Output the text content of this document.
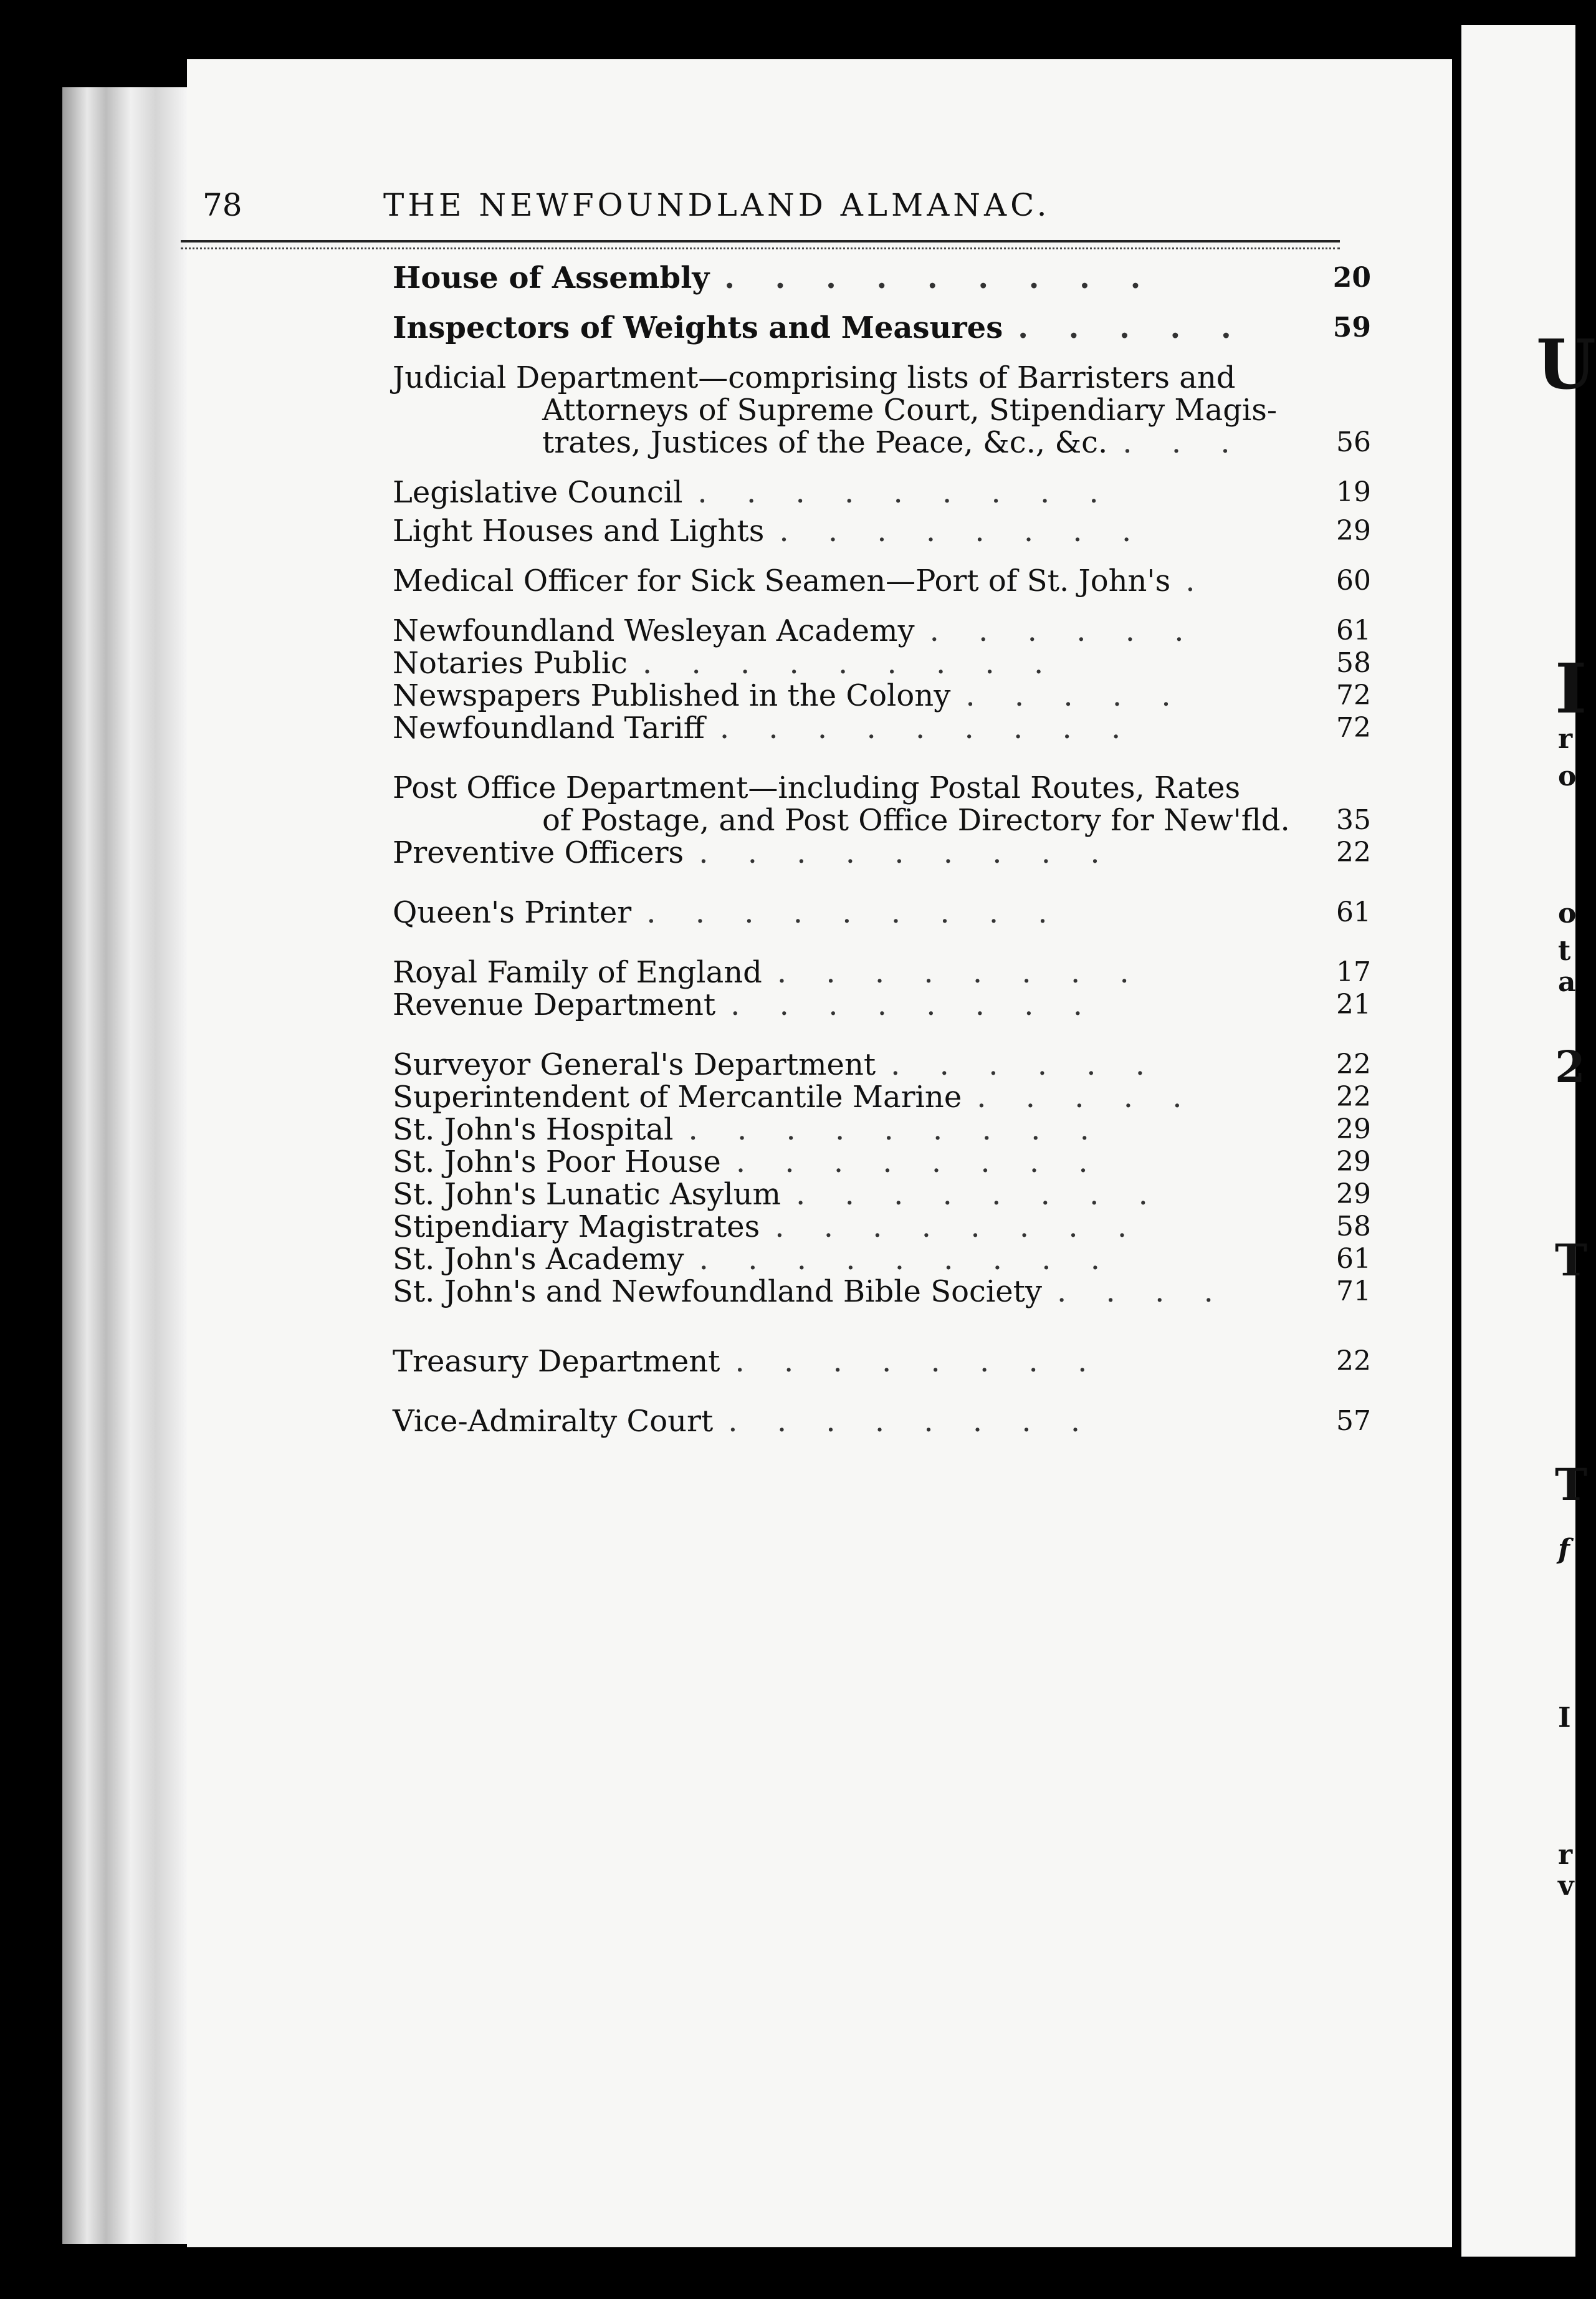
U
I
r
o
o
t
a
2
T
T
f
I
r
v
78	THE NEWFOUNDLAND ALMANAC.
House of Assembly . . . . . . . . .	20
Inspectors of Weights and Measures . . . . .	59
Judicial Department—comprising lists of Barristers and
Attorneys of Supreme Court, Stipendiary Magis-
trates, Justices of the Peace, &c., &c. . . .	56
Legislative Council . . . . . . . . .	19
Light Houses and Lights . . . . . . . .	29
Medical Officer for Sick Seamen—Port of St. John's .	60
Newfoundland Wesleyan Academy . . . . . .	61
Notaries Public . . . . . . . . .	58
Newspapers Published in the Colony . . . . .	72
Newfoundland Tariff . . . . . . . . .	72
Post Office Department—including Postal Routes, Rates
of Postage, and Post Office Directory for New'fld.	35
Preventive Officers . . . . . . . . .	22
Queen's Printer . . . . . . . . .	61
Royal Family of England . . . . . . . .	17
Revenue Department . . . . . . . .	21
Surveyor General's Department . . . . . .	22
Superintendent of Mercantile Marine . . . . .	22
St. John's Hospital . . . . . . . . .	29
St. John's Poor House . . . . . . . .	29
St. John's Lunatic Asylum . . . . . . . .	29
Stipendiary Magistrates . . . . . . . .	58
St. John's Academy . . . . . . . . .	61
St. John's and Newfoundland Bible Society . . . .	71
Treasury Department . . . . . . . .	22
Vice-Admiralty Court . . . . . . . .	57
